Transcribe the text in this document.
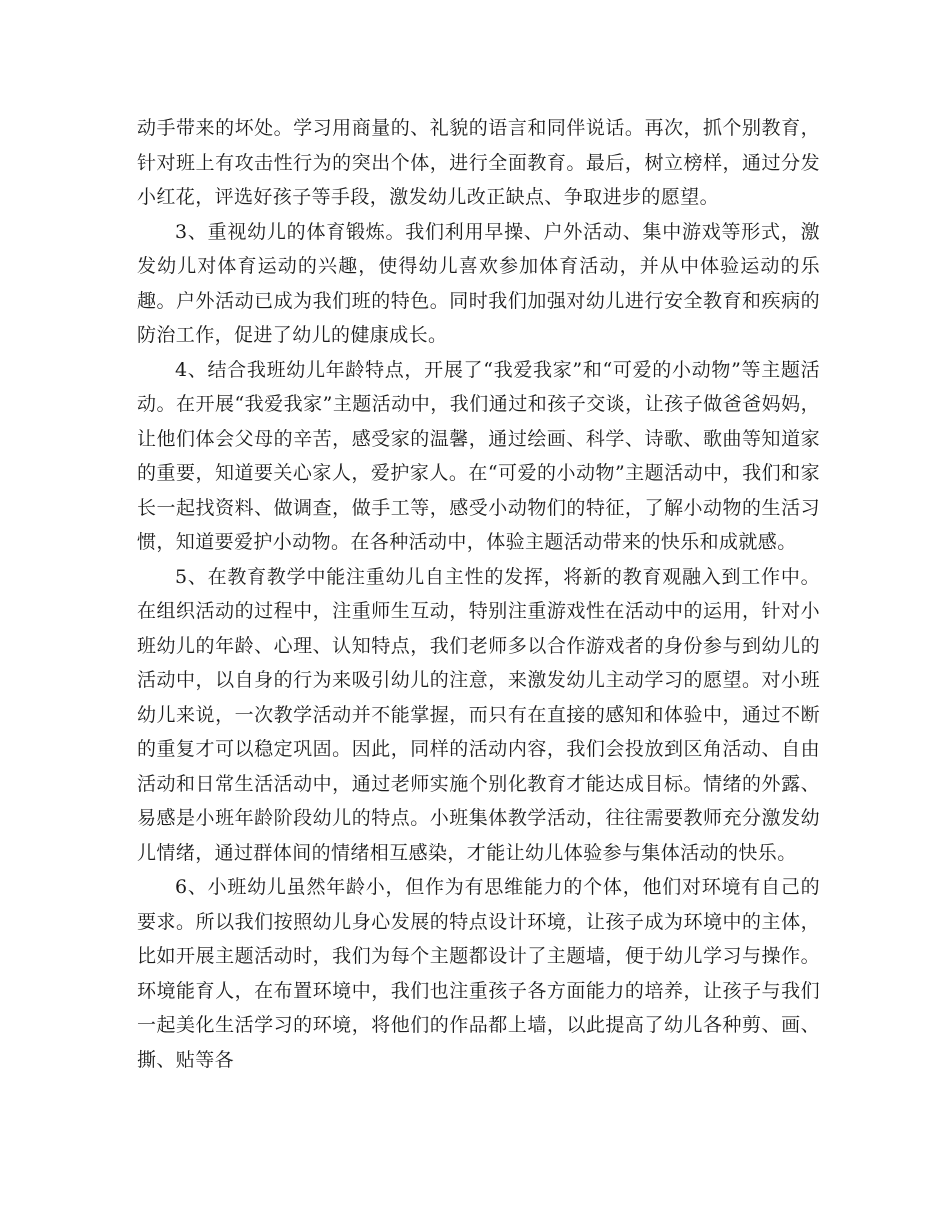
动手带来的坏处。学习用商量的、礼貌的语言和同伴说话。再次，抓个别教育，针对班上有攻击性行为的突出个体，进行全面教育。最后，树立榜样，通过分发小红花，评选好孩子等手段，激发幼儿改正缺点、争取进步的愿望。

3、重视幼儿的体育锻炼。我们利用早操、户外活动、集中游戏等形式，激发幼儿对体育运动的兴趣，使得幼儿喜欢参加体育活动，并从中体验运动的乐趣。户外活动已成为我们班的特色。同时我们加强对幼儿进行安全教育和疾病的防治工作，促进了幼儿的健康成长。

4、结合我班幼儿年龄特点，开展了“我爱我家”和“可爱的小动物”等主题活动。在开展“我爱我家”主题活动中，我们通过和孩子交谈，让孩子做爸爸妈妈，让他们体会父母的辛苦，感受家的温馨，通过绘画、科学、诗歌、歌曲等知道家的重要，知道要关心家人，爱护家人。在“可爱的小动物”主题活动中，我们和家长一起找资料、做调查，做手工等，感受小动物们的特征，了解小动物的生活习惯，知道要爱护小动物。在各种活动中，体验主题活动带来的快乐和成就感。

5、在教育教学中能注重幼儿自主性的发挥，将新的教育观融入到工作中。在组织活动的过程中，注重师生互动，特别注重游戏性在活动中的运用，针对小班幼儿的年龄、心理、认知特点，我们老师多以合作游戏者的身份参与到幼儿的活动中，以自身的行为来吸引幼儿的注意，来激发幼儿主动学习的愿望。对小班幼儿来说，一次教学活动并不能掌握，而只有在直接的感知和体验中，通过不断的重复才可以稳定巩固。因此，同样的活动内容，我们会投放到区角活动、自由活动和日常生活活动中，通过老师实施个别化教育才能达成目标。情绪的外露、易感是小班年龄阶段幼儿的特点。小班集体教学活动，往往需要教师充分激发幼儿情绪，通过群体间的情绪相互感染，才能让幼儿体验参与集体活动的快乐。

6、小班幼儿虽然年龄小，但作为有思维能力的个体，他们对环境有自己的要求。所以我们按照幼儿身心发展的特点设计环境，让孩子成为环境中的主体，比如开展主题活动时，我们为每个主题都设计了主题墙，便于幼儿学习与操作。环境能育人，在布置环境中，我们也注重孩子各方面能力的培养，让孩子与我们一起美化生活学习的环境，将他们的作品都上墙，以此提高了幼儿各种剪、画、撕、贴等各
